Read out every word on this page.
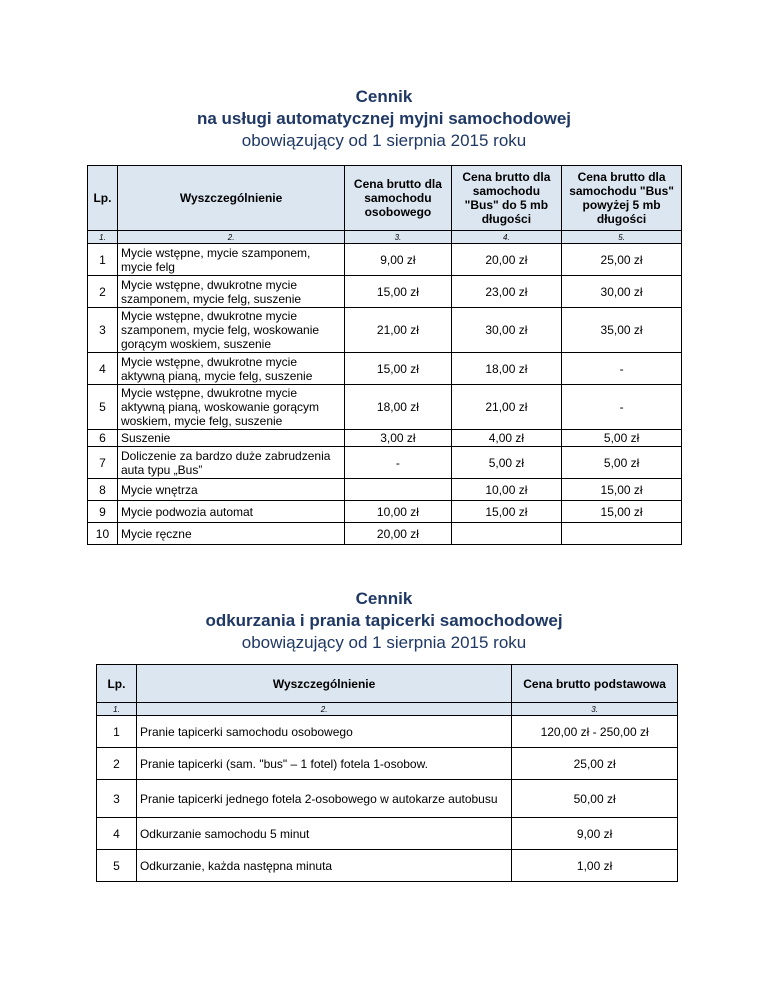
Cennik
na usługi automatycznej myjni samochodowej
obowiązujący od 1 sierpnia 2015 roku
Lp.	Wyszczególnienie	Cena brutto dla samochodu osobowego	Cena brutto dla samochodu "Bus" do 5 mb długości	Cena brutto dla samochodu "Bus" powyżej 5 mb długości
1.	2.	3.	4.	5.
1	Mycie wstępne, mycie szamponem, mycie felg	9,00 zł	20,00 zł	25,00 zł
2	Mycie wstępne, dwukrotne mycie szamponem, mycie felg, suszenie	15,00 zł	23,00 zł	30,00 zł
3	Mycie wstępne, dwukrotne mycie szamponem, mycie felg, woskowanie gorącym woskiem, suszenie	21,00 zł	30,00 zł	35,00 zł
4	Mycie wstępne, dwukrotne mycie aktywną pianą, mycie felg, suszenie	15,00 zł	18,00 zł	-
5	Mycie wstępne, dwukrotne mycie aktywną pianą, woskowanie gorącym woskiem, mycie felg, suszenie	18,00 zł	21,00 zł	-
6	Suszenie	3,00 zł	4,00 zł	5,00 zł
7	Doliczenie za bardzo duże zabrudzenia auta typu „Bus”	-	5,00 zł	5,00 zł
8	Mycie wnętrza		10,00 zł	15,00 zł
9	Mycie podwozia automat	10,00 zł	15,00 zł	15,00 zł
10	Mycie ręczne	20,00 zł		
Cennik
odkurzania i prania tapicerki samochodowej
obowiązujący od 1 sierpnia 2015 roku
Lp.	Wyszczególnienie	Cena brutto podstawowa
1.	2.	3.
1	Pranie tapicerki samochodu osobowego	120,00 zł - 250,00 zł
2	Pranie tapicerki (sam. "bus" – 1 fotel) fotela 1-osobow.	25,00 zł
3	Pranie tapicerki jednego fotela 2-osobowego w autokarze autobusu	50,00 zł
4	Odkurzanie samochodu 5 minut	9,00 zł
5	Odkurzanie, każda następna minuta	1,00 zł
